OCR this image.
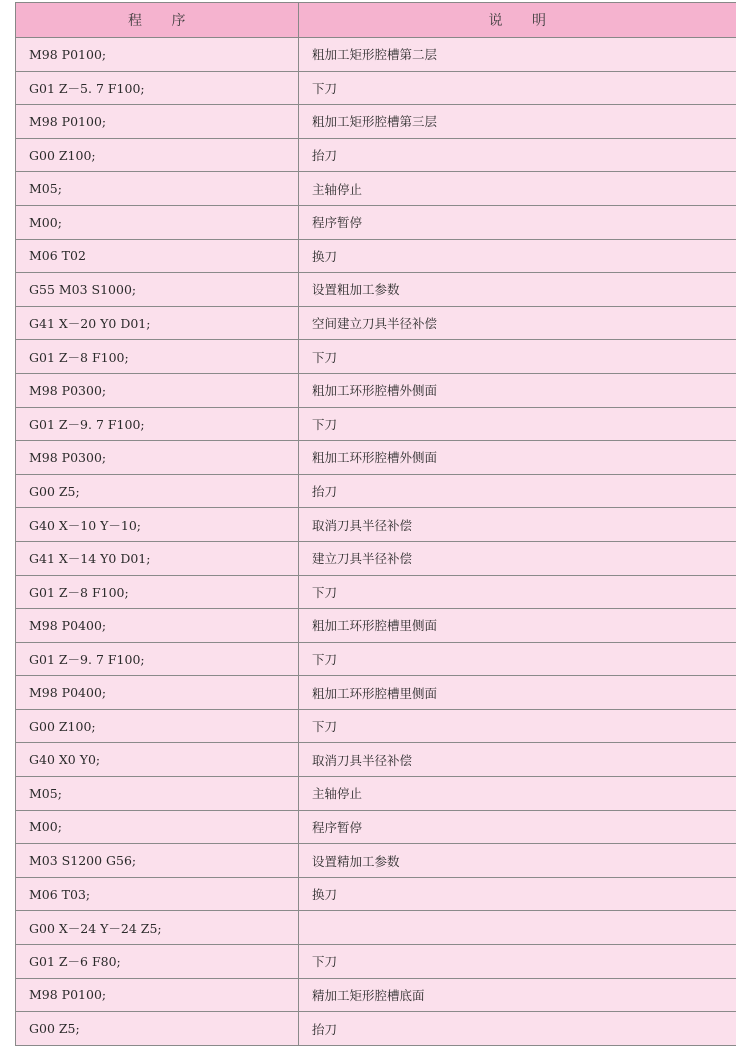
程　　序	说　　明
M98 P0100;	粗加工矩形腔槽第二层
G01 Z－5. 7 F100;	下刀
M98 P0100;	粗加工矩形腔槽第三层
G00 Z100;	抬刀
M05;	主轴停止
M00;	程序暂停
M06 T02	换刀
G55 M03 S1000;	设置粗加工参数
G41 X－20 Y0 D01;	空间建立刀具半径补偿
G01 Z－8 F100;	下刀
M98 P0300;	粗加工环形腔槽外侧面
G01 Z－9. 7 F100;	下刀
M98 P0300;	粗加工环形腔槽外侧面
G00 Z5;	抬刀
G40 X－10 Y－10;	取消刀具半径补偿
G41 X－14 Y0 D01;	建立刀具半径补偿
G01 Z－8 F100;	下刀
M98 P0400;	粗加工环形腔槽里侧面
G01 Z－9. 7 F100;	下刀
M98 P0400;	粗加工环形腔槽里侧面
G00 Z100;	下刀
G40 X0 Y0;	取消刀具半径补偿
M05;	主轴停止
M00;	程序暂停
M03 S1200 G56;	设置精加工参数
M06 T03;	换刀
G00 X－24 Y－24 Z5;	
G01 Z－6 F80;	下刀
M98 P0100;	精加工矩形腔槽底面
G00 Z5;	抬刀
